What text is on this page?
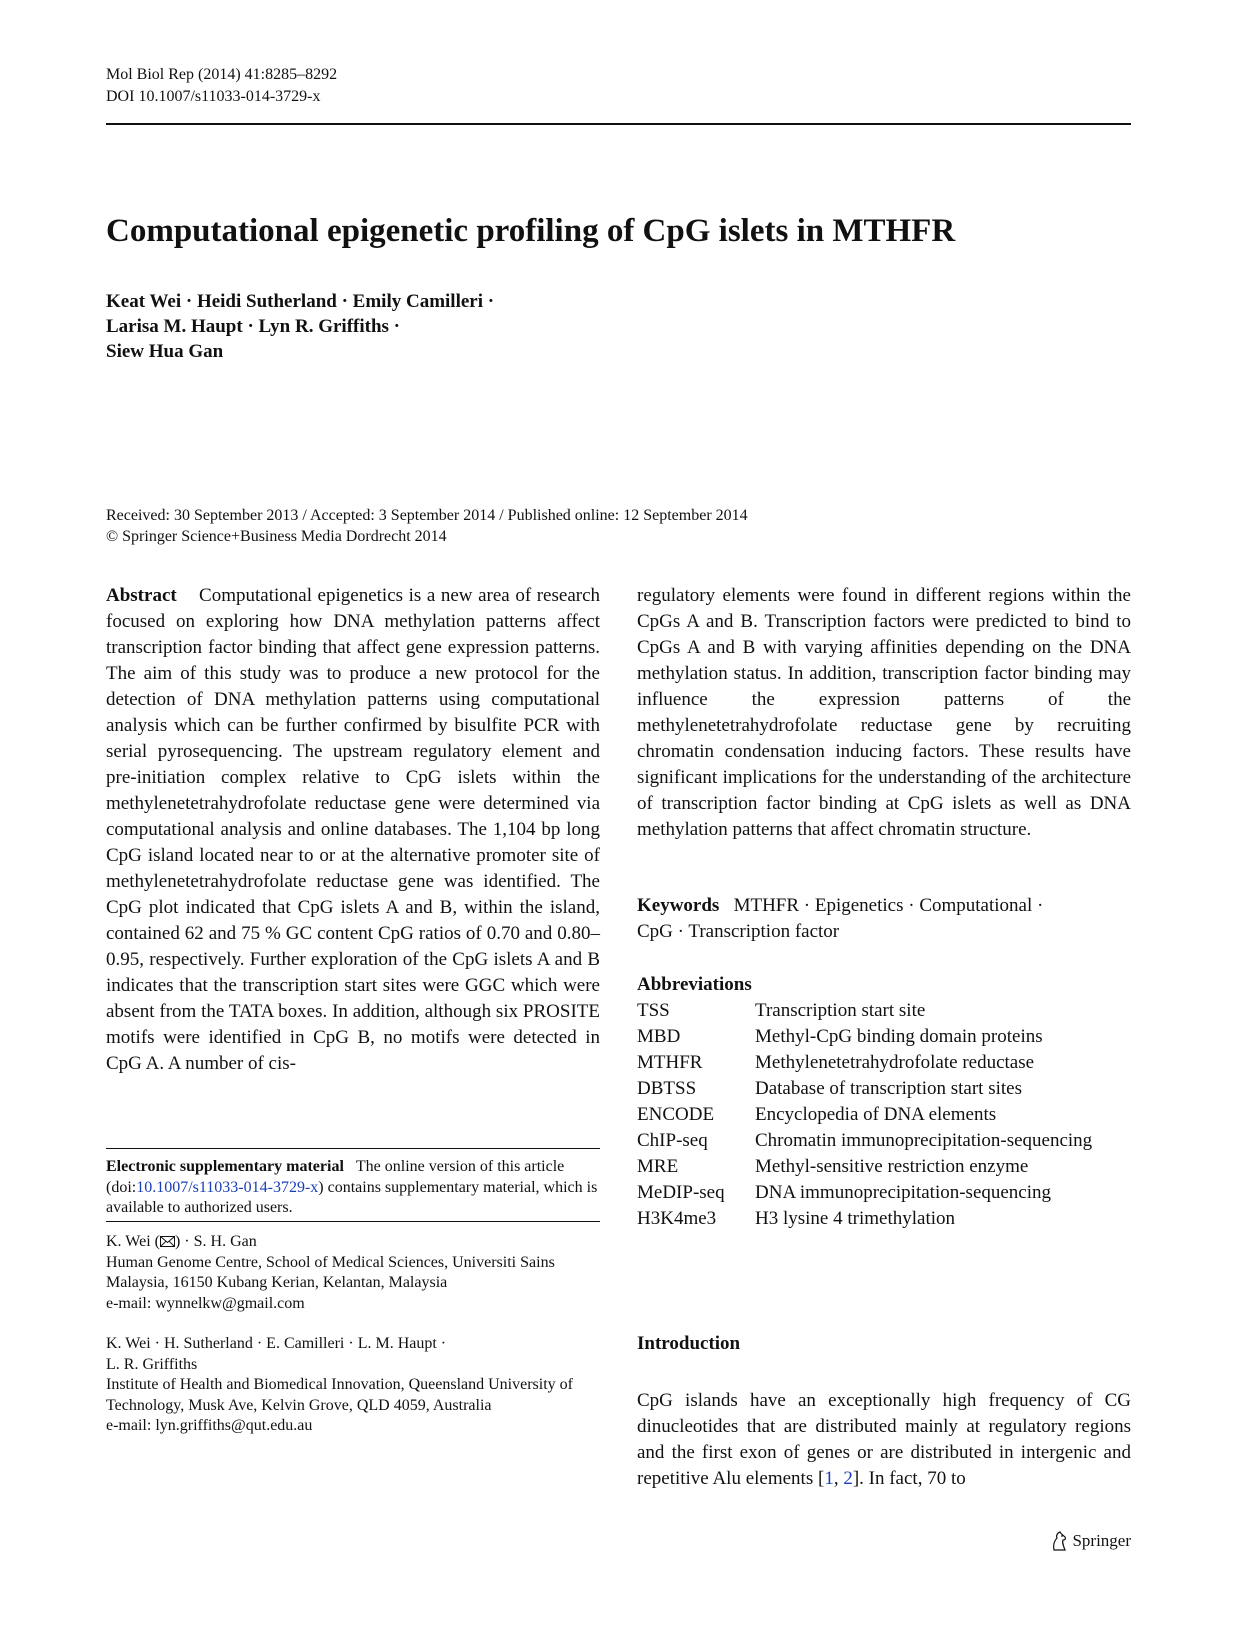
Mol Biol Rep (2014) 41:8285–8292
DOI 10.1007/s11033-014-3729-x
Computational epigenetic profiling of CpG islets in MTHFR
Keat Wei · Heidi Sutherland · Emily Camilleri ·
Larisa M. Haupt · Lyn R. Griffiths ·
Siew Hua Gan
Received: 30 September 2013 / Accepted: 3 September 2014 / Published online: 12 September 2014
© Springer Science+Business Media Dordrecht 2014

Abstract Computational epigenetics is a new area of research focused on exploring how DNA methylation patterns affect transcription factor binding that affect gene expression patterns. The aim of this study was to produce a new protocol for the detection of DNA methylation patterns using computational analysis which can be further confirmed by bisulfite PCR with serial pyrosequencing. The upstream regulatory element and pre-initiation complex relative to CpG islets within the methylenetetrahydrofolate reductase gene were determined via computational analysis and online databases. The 1,104 bp long CpG island located near to or at the alternative promoter site of methylenetetrahydrofolate reductase gene was identified. The CpG plot indicated that CpG islets A and B, within the island, contained 62 and 75 % GC content CpG ratios of 0.70 and 0.80–0.95, respectively. Further exploration of the CpG islets A and B indicates that the transcription start sites were GGC which were absent from the TATA boxes. In addition, although six PROSITE motifs were identified in CpG B, no motifs were detected in CpG A. A number of cis-

regulatory elements were found in different regions within the CpGs A and B. Transcription factors were predicted to bind to CpGs A and B with varying affinities depending on the DNA methylation status. In addition, transcription factor binding may influence the expression patterns of the methylenetetrahydrofolate reductase gene by recruiting chromatin condensation inducing factors. These results have significant implications for the understanding of the architecture of transcription factor binding at CpG islets as well as DNA methylation patterns that affect chromatin structure.

Keywords MTHFR · Epigenetics · Computational ·
CpG · Transcription factor
Abbreviations
TSS	Transcription start site
MBD	Methyl-CpG binding domain proteins
MTHFR	Methylenetetrahydrofolate reductase
DBTSS	Database of transcription start sites
ENCODE	Encyclopedia of DNA elements
ChIP-seq	Chromatin immunoprecipitation-sequencing
MRE	Methyl-sensitive restriction enzyme
MeDIP-seq	DNA immunoprecipitation-sequencing
H3K4me3	H3 lysine 4 trimethylation
Introduction
CpG islands have an exceptionally high frequency of CG dinucleotides that are distributed mainly at regulatory regions and the first exon of genes or are distributed in intergenic and repetitive Alu elements [1, 2]. In fact, 70 to
Electronic supplementary material The online version of this article (doi:10.1007/s11033-014-3729-x) contains supplementary material, which is available to authorized users.
K. Wei ( ) · S. H. Gan
Human Genome Centre, School of Medical Sciences, Universiti Sains Malaysia, 16150 Kubang Kerian, Kelantan, Malaysia
e-mail: wynnelkw@gmail.com
K. Wei · H. Sutherland · E. Camilleri · L. M. Haupt ·
L. R. Griffiths
Institute of Health and Biomedical Innovation, Queensland University of Technology, Musk Ave, Kelvin Grove, QLD 4059, Australia
e-mail: lyn.griffiths@qut.edu.au
Springer
